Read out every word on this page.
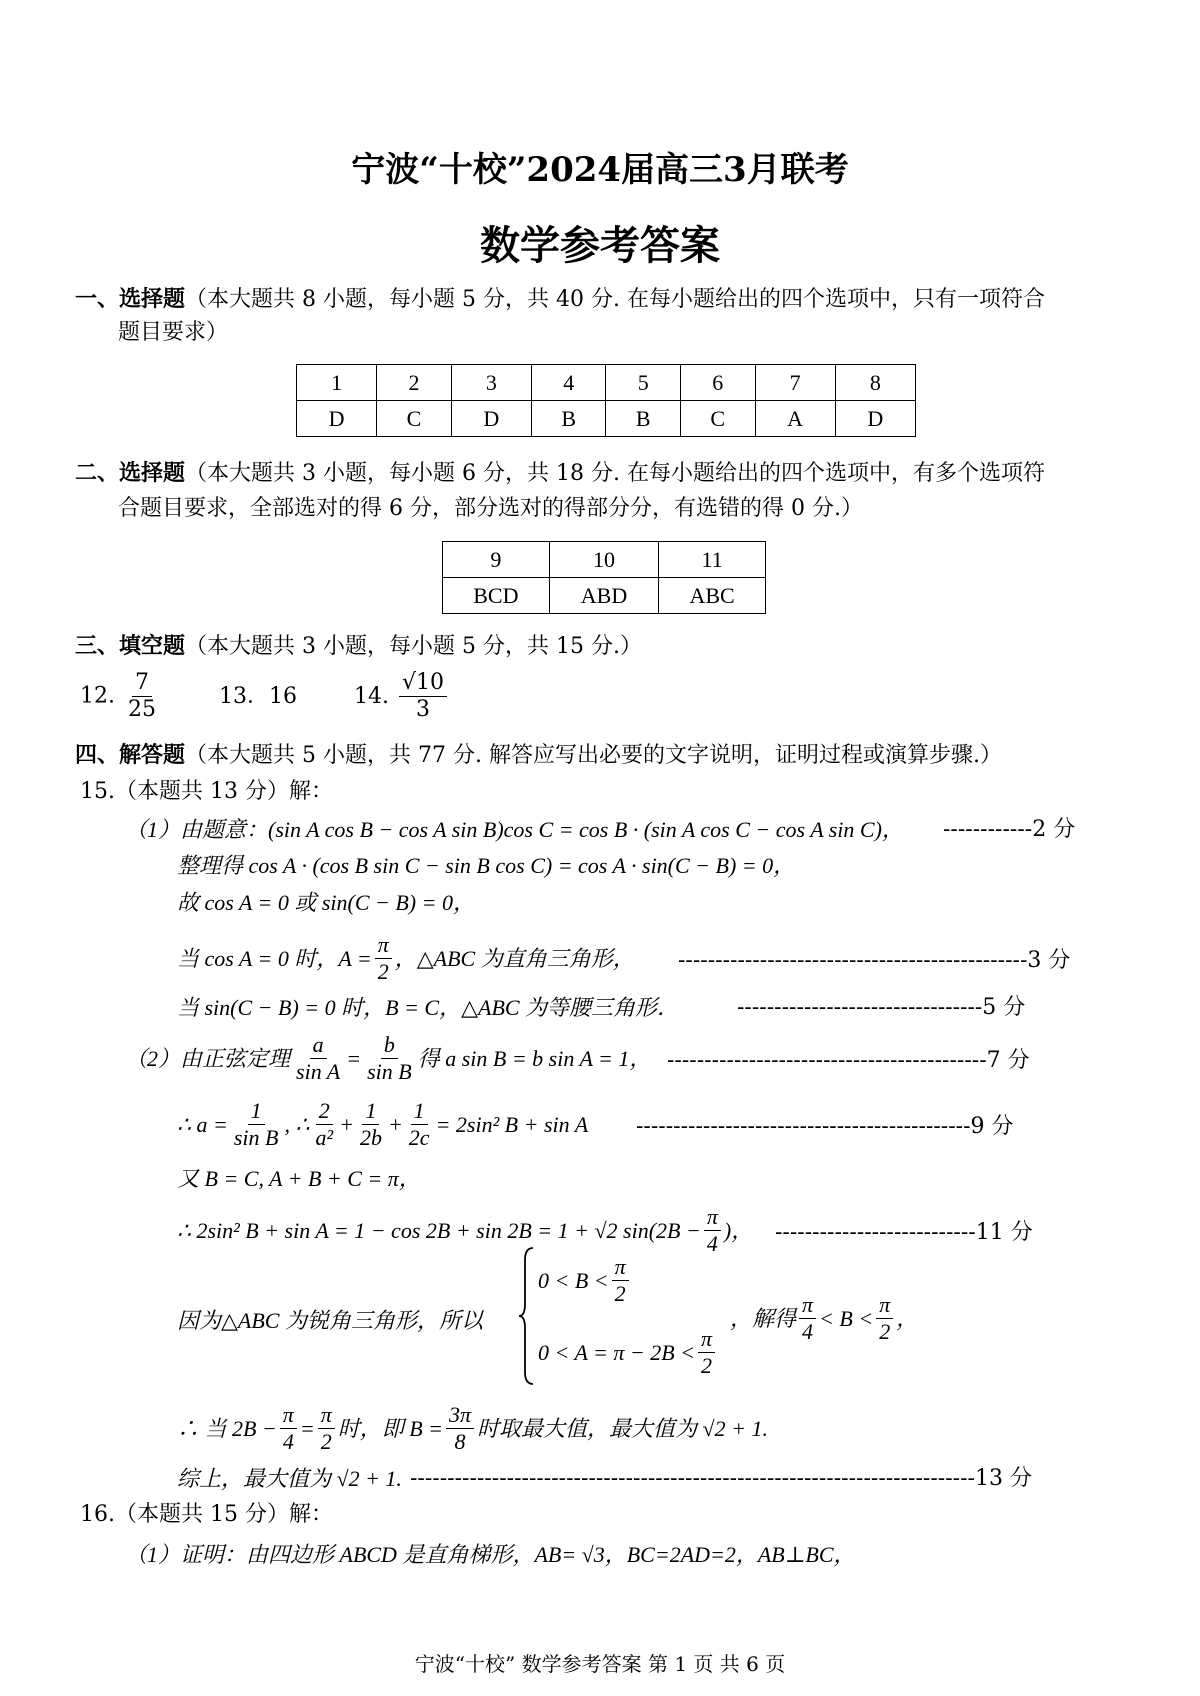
宁波“十校”2024届高三3月联考
数学参考答案
一、选择题（本大题共 8 小题，每小题 5 分，共 40 分. 在每小题给出的四个选项中，只有一项符合
题目要求）
1	2	3	4	5	6	7	8
D	C	D	B	B	C	A	D
二、选择题（本大题共 3 小题，每小题 6 分，共 18 分. 在每小题给出的四个选项中，有多个选项符
合题目要求，全部选对的得 6 分，部分选对的得部分分，有选错的得 0 分.）
9	10	11
BCD	ABD	ABC
三、填空题（本大题共 3 小题，每小题 5 分，共 15 分.）
12. $\frac{7}{25}$	13．16	14. $\frac{√10}{3}$
四、解答题（本大题共 5 小题，共 77 分. 解答应写出必要的文字说明，证明过程或演算步骤.）
15.（本题共 13 分）解：
（1）由题意：(sin A cos B − cos A sin B)cos C = cos B · (sin A cos C − cos A sin C)， ------------2 分
整理得 cos A · (cos B sin C − sin B cos C) = cos A · sin(C − B) = 0，
故 cos A = 0 或 sin(C − B) = 0，
当 cos A = 0 时，$A = \frac{\pi}{2}$ ，△ABC 为直角三角形， -----------------------------------------------3 分
当 sin(C − B) = 0 时，B = C，△ABC 为等腰三角形．	---------------------------------5 分
（2）由正弦定理 $\frac{a}{\text{sin A}} = \frac{b}{\text{sin B}}$ 得 a sin B = b sin A = 1， -------------------------------------------7 分
∴ $a = \frac{1}{\text{sin B}}$ , ∴ $\frac{2}{\text{a²}} + \frac{1}{2b} + \frac{1}{2c} = 2\sin^2$ B + sin A ---------------------------------------------9 分
又 B = C, A + B + C = π，
∴ 2sin² B + sin A = 1 − cos 2B + sin 2B = 1 + √2 $\sin(2B - \frac{\pi}{4}$ )， ---------------------------11 分
因为△ABC 为锐角三角形，所以
$0 < B < \frac{\pi}{2}$
$0 < A = \pi - 2B < \frac{\pi}{2}$
，解得 $\frac{\pi}{4} < B < \frac{\pi}{2}$ ，
∴ 当 $2B - \frac{\pi}{4} = \frac{\pi}{2}$ 时，即 $B = \frac{3\pi}{8}$ 时取最大值，最大值为 √2 + 1.
综上，最大值为 √2 + 1. ----------------------------------------------------------------------------13 分
16.（本题共 15 分）解：
（1）证明：由四边形 ABCD 是直角梯形，AB= √3，BC=2AD=2，AB⊥BC，
宁波“十校” 数学参考答案 第 1 页 共 6 页
